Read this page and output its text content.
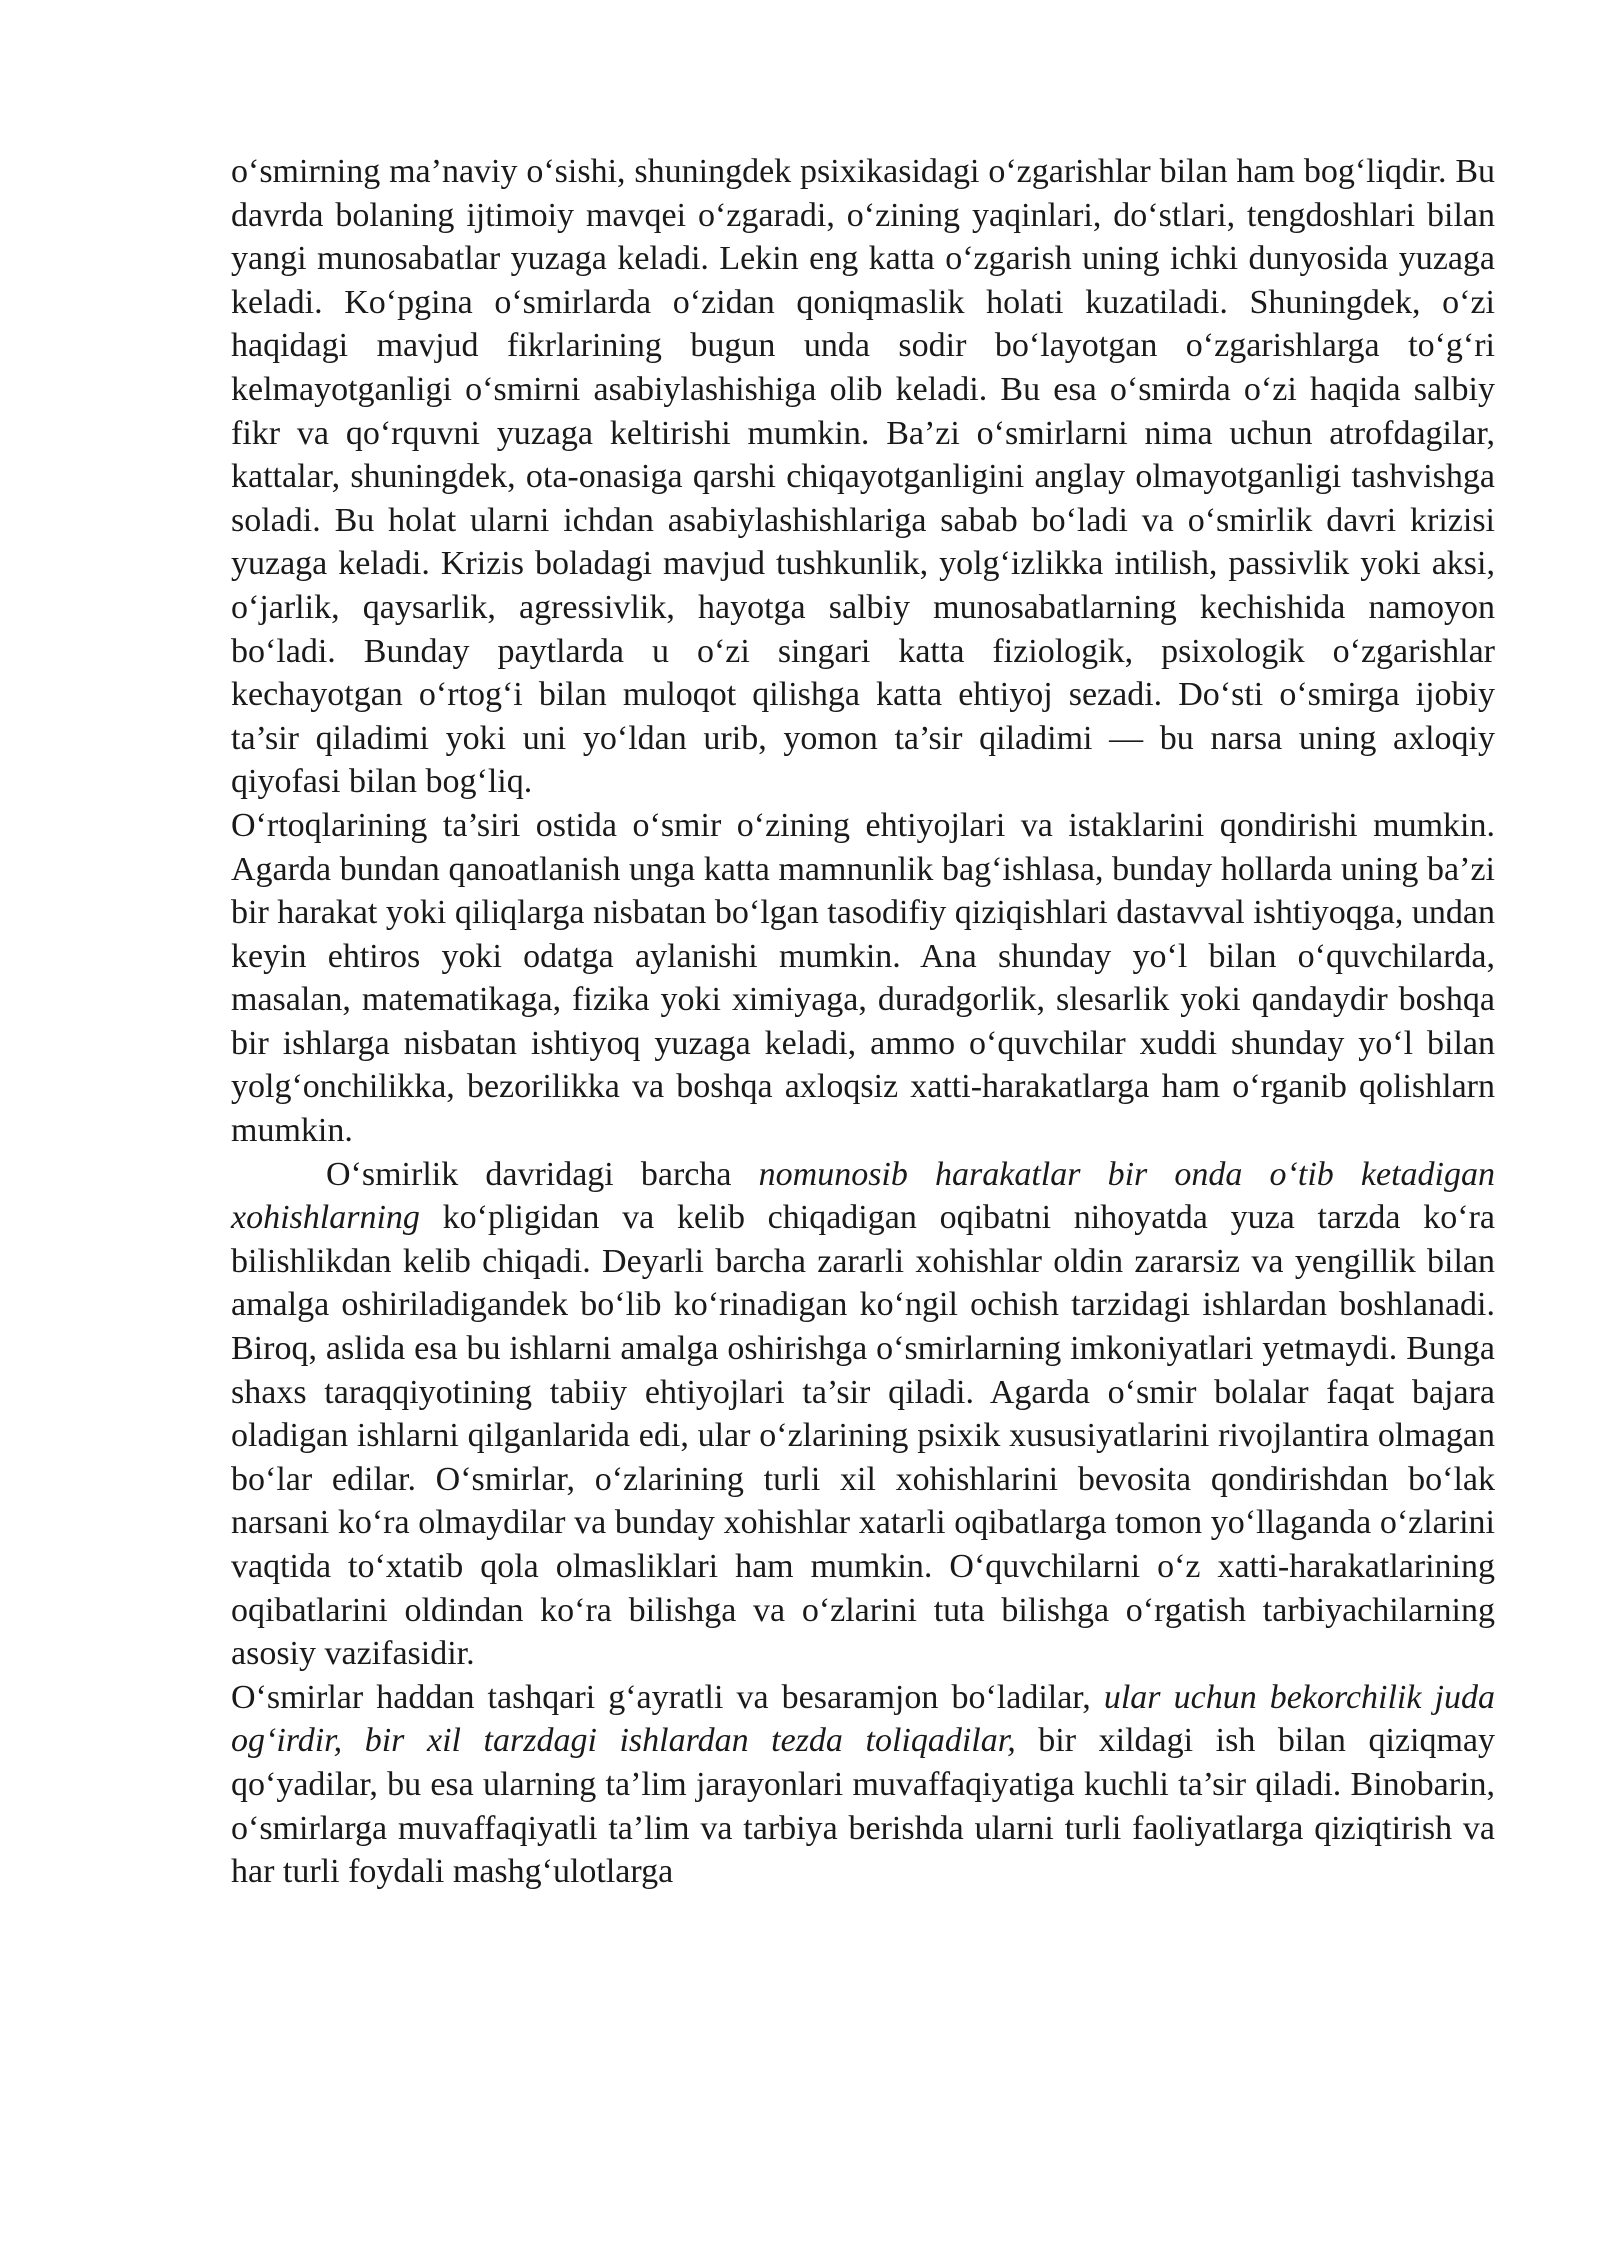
o‘smirning ma’naviy o‘sishi, shuningdek psixikasidagi o‘zgarishlar bilan ham bog‘liqdir. Bu davrda bolaning ijtimoiy mavqei o‘zgaradi, o‘zining yaqinlari, do‘stlari, tengdoshlari bilan yangi munosabatlar yuzaga keladi. Lekin eng katta o‘zgarish uning ichki dunyosida yuzaga keladi. Ko‘pgina o‘smirlarda o‘zidan qoniqmaslik holati kuzatiladi. Shuningdek, o‘zi haqidagi mavjud fikrlarining bugun unda sodir bo‘layotgan o‘zgarishlarga to‘g‘ri kelmayotganligi o‘smirni asabiylashishiga olib keladi. Bu esa o‘smirda o‘zi haqida salbiy fikr va qo‘rquvni yuzaga keltirishi mumkin. Ba’zi o‘smirlarni nima uchun atrofdagilar, kattalar, shuningdek, ota-onasiga qarshi chiqayotganligini anglay olmayotganligi tashvishga soladi. Bu holat ularni ichdan asabiylashishlariga sabab bo‘ladi va o‘smirlik davri krizisi yuzaga keladi. Krizis boladagi mavjud tushkunlik, yolg‘izlikka intilish, passivlik yoki aksi, o‘jarlik, qaysarlik, agressivlik, hayotga salbiy munosabatlarning kechishida namoyon bo‘ladi. Bunday paytlarda u o‘zi singari katta fiziologik, psixologik o‘zgarishlar kechayotgan o‘rtog‘i bilan muloqot qilishga katta ehtiyoj sezadi. Do‘sti o‘smirga ijobiy ta’sir qiladimi yoki uni yo‘ldan urib, yomon ta’sir qiladimi — bu narsa uning axloqiy qiyofasi bilan bog‘liq.

O‘rtoqlarining ta’siri ostida o‘smir o‘zining ehtiyojlari va istaklarini qondirishi mumkin. Agarda bundan qanoatlanish unga katta mamnunlik bag‘ishlasa, bunday hollarda uning ba’zi bir harakat yoki qiliqlarga nisbatan bo‘lgan tasodifiy qiziqishlari dastavval ishtiyoqga, undan keyin ehtiros yoki odatga aylanishi mumkin. Ana shunday yo‘l bilan o‘quvchilarda, masalan, matematikaga, fizika yoki ximiyaga, duradgorlik, slesarlik yoki qandaydir boshqa bir ishlarga nisbatan ishtiyoq yuzaga keladi, ammo o‘quvchilar xuddi shunday yo‘l bilan yolg‘onchilikka, bezorilikka va boshqa axloqsiz xatti-harakatlarga ham o‘rganib qolishlarn mumkin.

O‘smirlik davridagi barcha nomunosib harakatlar bir onda o‘tib ketadigan xohishlarning ko‘pligidan va kelib chiqadigan oqibatni nihoyatda yuza tarzda ko‘ra bilishlikdan kelib chiqadi. Deyarli barcha zararli xohishlar oldin zararsiz va yengillik bilan amalga oshiriladigandek bo‘lib ko‘rinadigan ko‘ngil ochish tarzidagi ishlardan boshlanadi. Biroq, aslida esa bu ishlarni amalga oshirishga o‘smirlarning imkoniyatlari yetmaydi. Bunga shaxs taraqqiyotining tabiiy ehtiyojlari ta’sir qiladi. Agarda o‘smir bolalar faqat bajara oladigan ishlarni qilganlarida edi, ular o‘zlarining psixik xususiyatlarini rivojlantira olmagan bo‘lar edilar. O‘smirlar, o‘zlarining turli xil xohishlarini bevosita qondirishdan bo‘lak narsani ko‘ra olmaydilar va bunday xohishlar xatarli oqibatlarga tomon yo‘llaganda o‘zlarini vaqtida to‘xtatib qola olmasliklari ham mumkin. O‘quvchilarni o‘z xatti-harakatlarining oqibatlarini oldindan ko‘ra bilishga va o‘zlarini tuta bilishga o‘rgatish tarbiyachilarning asosiy vazifasidir.

O‘smirlar haddan tashqari g‘ayratli va besaramjon bo‘ladilar, ular uchun bekorchilik juda og‘irdir, bir xil tarzdagi ishlardan tezda toliqadilar, bir xildagi ish bilan qiziqmay qo‘yadilar, bu esa ularning ta’lim jarayonlari muvaffaqiyatiga kuchli ta’sir qiladi. Binobarin, o‘smirlarga muvaffaqiyatli ta’lim va tarbiya berishda ularni turli faoliyatlarga qiziqtirish va har turli foydali mashg‘ulotlarga
